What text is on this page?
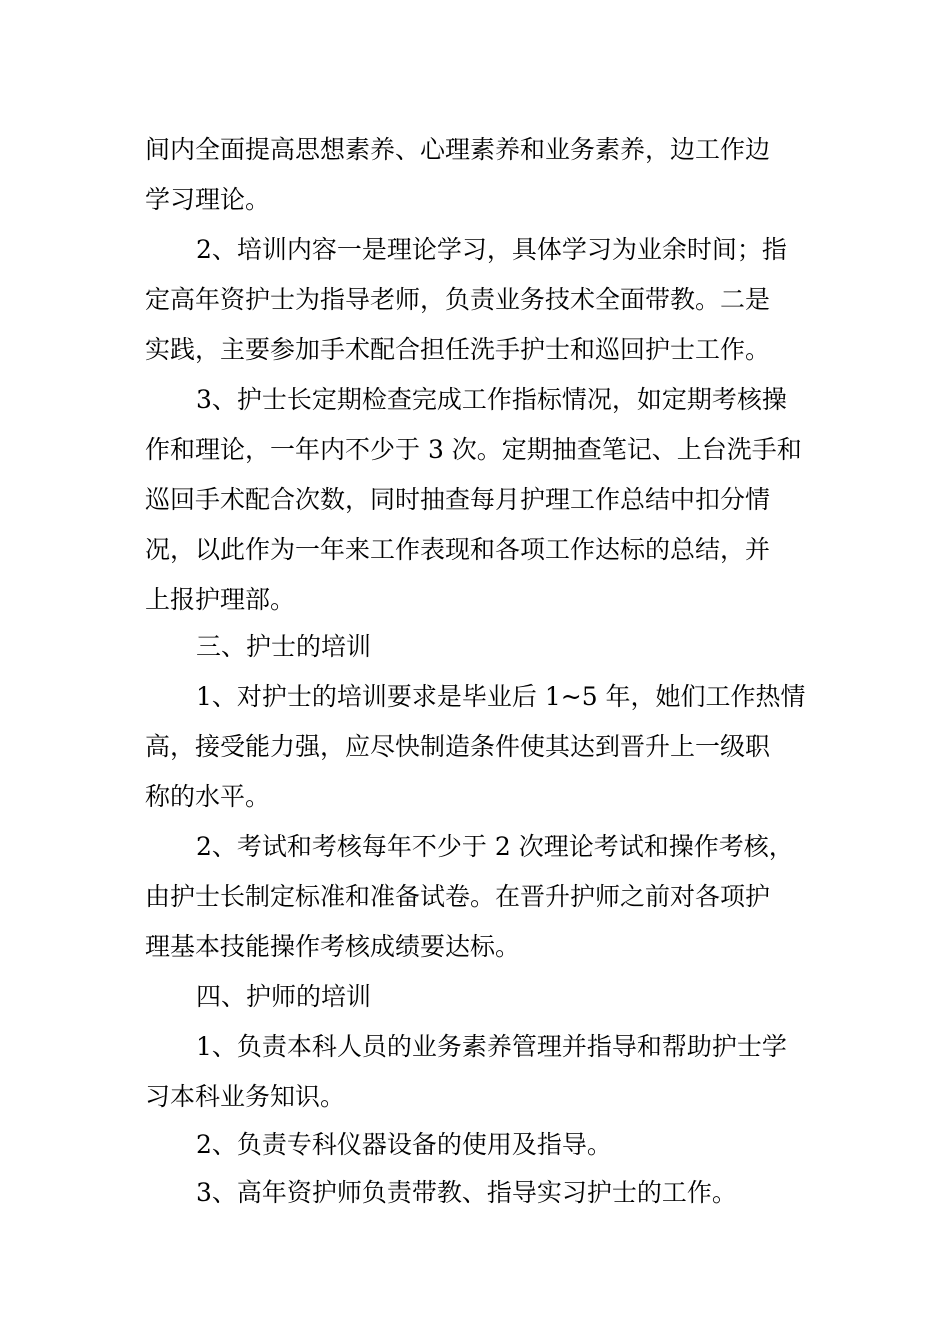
间内全面提高思想素养、心理素养和业务素养，边工作边
学习理论。
2、培训内容一是理论学习，具体学习为业余时间；指
定高年资护士为指导老师，负责业务技术全面带教。二是
实践，主要参加手术配合担任洗手护士和巡回护士工作。
3、护士长定期检查完成工作指标情况，如定期考核操
作和理论，一年内不少于 3 次。定期抽查笔记、上台洗手和
巡回手术配合次数，同时抽查每月护理工作总结中扣分情
况，以此作为一年来工作表现和各项工作达标的总结，并
上报护理部。
三、护士的培训
1、对护士的培训要求是毕业后 1~5 年，她们工作热情
高，接受能力强，应尽快制造条件使其达到晋升上一级职
称的水平。
2、考试和考核每年不少于 2 次理论考试和操作考核，
由护士长制定标准和准备试卷。在晋升护师之前对各项护
理基本技能操作考核成绩要达标。
四、护师的培训
1、负责本科人员的业务素养管理并指导和帮助护士学
习本科业务知识。
2、负责专科仪器设备的使用及指导。
3、高年资护师负责带教、指导实习护士的工作。
